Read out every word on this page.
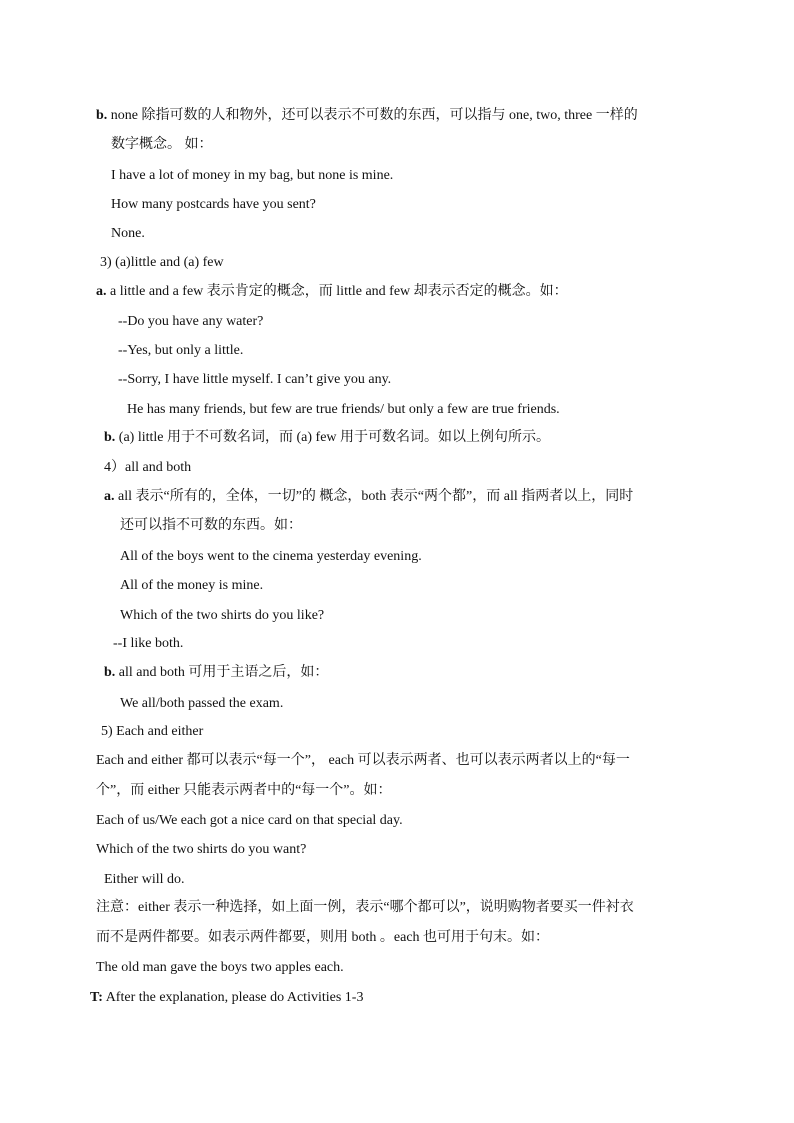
b. none 除指可数的人和物外，还可以表示不可数的东西，可以指与 one, two, three 一样的
数字概念。 如：
I have a lot of money in my bag, but none is mine.
How many postcards have you sent?
None.
3) (a)little and (a) few
a. a little and a few 表示肯定的概念，而 little and few 却表示否定的概念。如：
--Do you have any water?
--Yes, but only a little.
--Sorry, I have little myself. I can’t give you any.
He has many friends, but few are true friends/ but only a few are true friends.
b. (a) little 用于不可数名词，而 (a) few 用于可数名词。如以上例句所示。
4）all and both
a. all 表示“所有的，全体，一切”的 概念，both 表示“两个都”，而 all 指两者以上，同时
还可以指不可数的东西。如：
All of the boys went to the cinema yesterday evening.
All of the money is mine.
Which of the two shirts do you like?
--I like both.
b. all and both 可用于主语之后，如：
We all/both passed the exam.
5) Each and either
Each and either 都可以表示“每一个”， each 可以表示两者、也可以表示两者以上的“每一
个”，而 either 只能表示两者中的“每一个”。如：
Each of us/We each got a nice card on that special day.
Which of the two shirts do you want?
Either will do.
注意：either 表示一种选择，如上面一例，表示“哪个都可以”，说明购物者要买一件衬衣
而不是两件都要。如表示两件都要，则用 both 。each 也可用于句末。如：
The old man gave the boys two apples each.
T: After the explanation, please do Activities 1-3
